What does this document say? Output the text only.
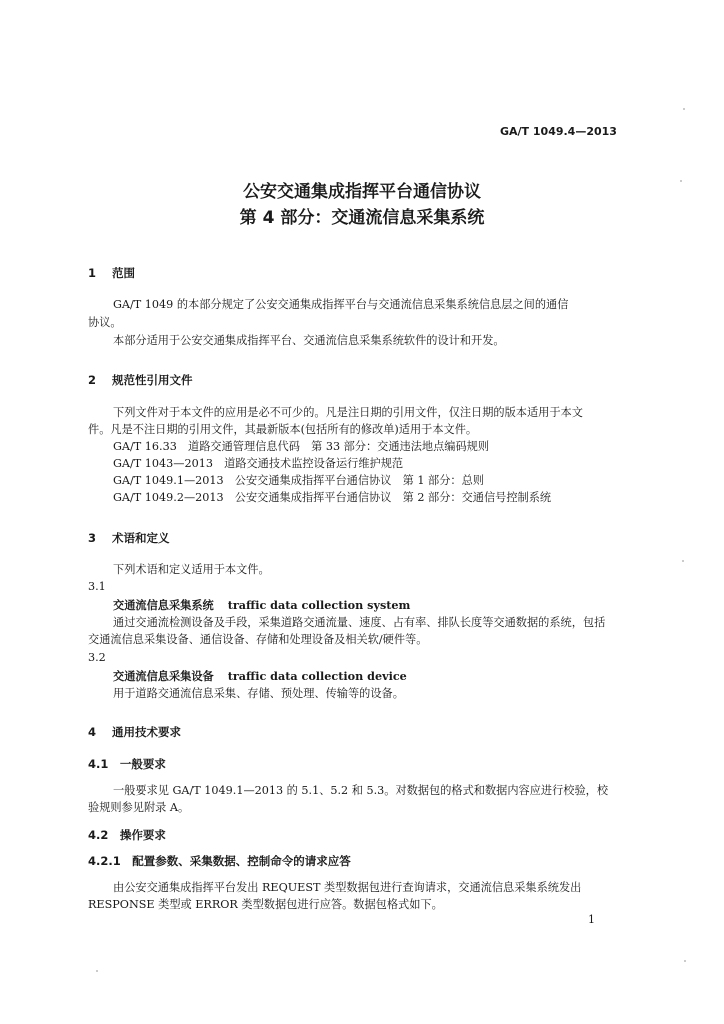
GA/T 1049.4—2013
公安交通集成指挥平台通信协议
第 4 部分：交通流信息采集系统
1 范围
GA/T 1049 的本部分规定了公安交通集成指挥平台与交通流信息采集系统信息层之间的通信
协议。
本部分适用于公安交通集成指挥平台、交通流信息采集系统软件的设计和开发。
2 规范性引用文件
下列文件对于本文件的应用是必不可少的。凡是注日期的引用文件，仅注日期的版本适用于本文
件。凡是不注日期的引用文件，其最新版本(包括所有的修改单)适用于本文件。
GA/T 16.33　道路交通管理信息代码　第 33 部分：交通违法地点编码规则
GA/T 1043—2013　道路交通技术监控设备运行维护规范
GA/T 1049.1—2013　公安交通集成指挥平台通信协议　第 1 部分：总则
GA/T 1049.2—2013　公安交通集成指挥平台通信协议　第 2 部分：交通信号控制系统
3 术语和定义
下列术语和定义适用于本文件。
3.1
交通流信息采集系统 traffic data collection system
通过交通流检测设备及手段，采集道路交通流量、速度、占有率、排队长度等交通数据的系统，包括
交通流信息采集设备、通信设备、存储和处理设备及相关软/硬件等。
3.2
交通流信息采集设备 traffic data collection device
用于道路交通流信息采集、存储、预处理、传输等的设备。
4 通用技术要求
4.1　一般要求
一般要求见 GA/T 1049.1—2013 的 5.1、5.2 和 5.3。对数据包的格式和数据内容应进行校验，校
验规则参见附录 A。
4.2　操作要求
4.2.1　配置参数、采集数据、控制命令的请求应答
由公安交通集成指挥平台发出 REQUEST 类型数据包进行查询请求，交通流信息采集系统发出
RESPONSE 类型或 ERROR 类型数据包进行应答。数据包格式如下。
1
